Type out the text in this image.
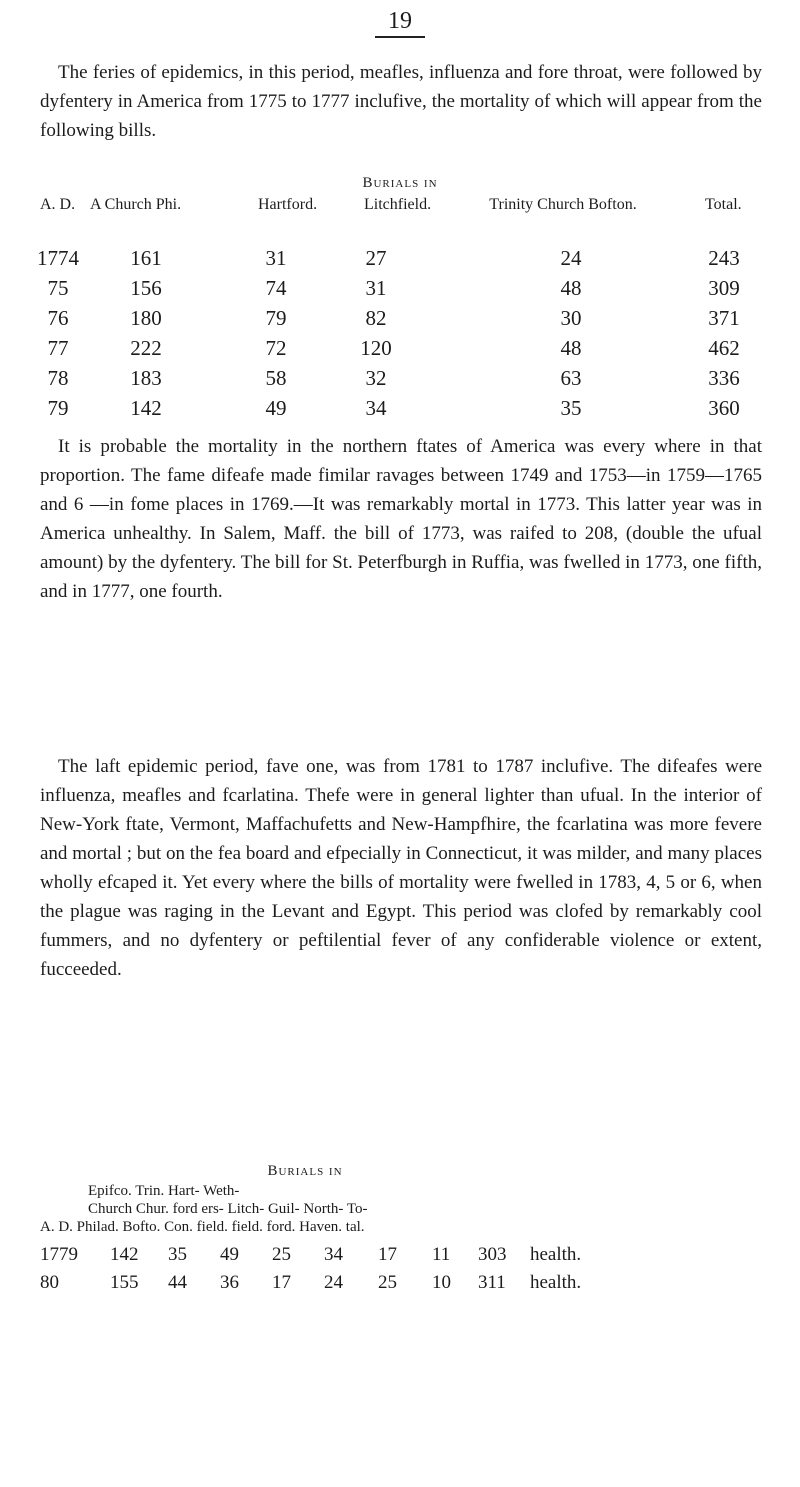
19

The feries of epidemics, in this period, meafles, influenza and fore throat, were followed by dyfentery in America from 1775 to 1777 inclufive, the mortality of which will appear from the following bills.

Burials in
A. D. A Church Phi.	Hartford.	Litchfield.	Trinity Church Bofton.	Total.
1774	161	31	27	24	243
75	156	74	31	48	309
76	180	79	82	30	371
77	222	72	120	48	462
78	183	58	32	63	336
79	142	49	34	35	360

It is probable the mortality in the northern ftates of America was every where in that proportion. The fame difeafe made fimilar ravages between 1749 and 1753—in 1759—1765 and 6 —in fome places in 1769.—It was remarkably mortal in 1773. This latter year was in America unhealthy. In Salem, Maff. the bill of 1773, was raifed to 208, (double the ufual amount) by the dyfentery. The bill for St. Peterfburgh in Ruffia, was fwelled in 1773, one fifth, and in 1777, one fourth.

The laft epidemic period, fave one, was from 1781 to 1787 inclufive. The difeafes were influenza, meafles and fcarlatina. Thefe were in general lighter than ufual. In the interior of New-York ftate, Vermont, Maffachufetts and New-Hampfhire, the fcarlatina was more fevere and mortal ; but on the fea board and efpecially in Connecticut, it was milder, and many places wholly efcaped it. Yet every where the bills of mortality were fwelled in 1783, 4, 5 or 6, when the plague was raging in the Levant and Egypt. This period was clofed by remarkably cool fummers, and no dyfentery or peftilential fever of any confiderable violence or extent, fucceeded.

Burials in
Epifco. Trin. Hart- Weth-
Church Chur. ford ers- Litch- Guil- North- To-
A. D. Philad. Bofto. Con. field. field. ford. Haven. tal.
1779 142 35 49 25 34 17 11 303 health.
80	155 44 36 17 24 25 10 311 health.
